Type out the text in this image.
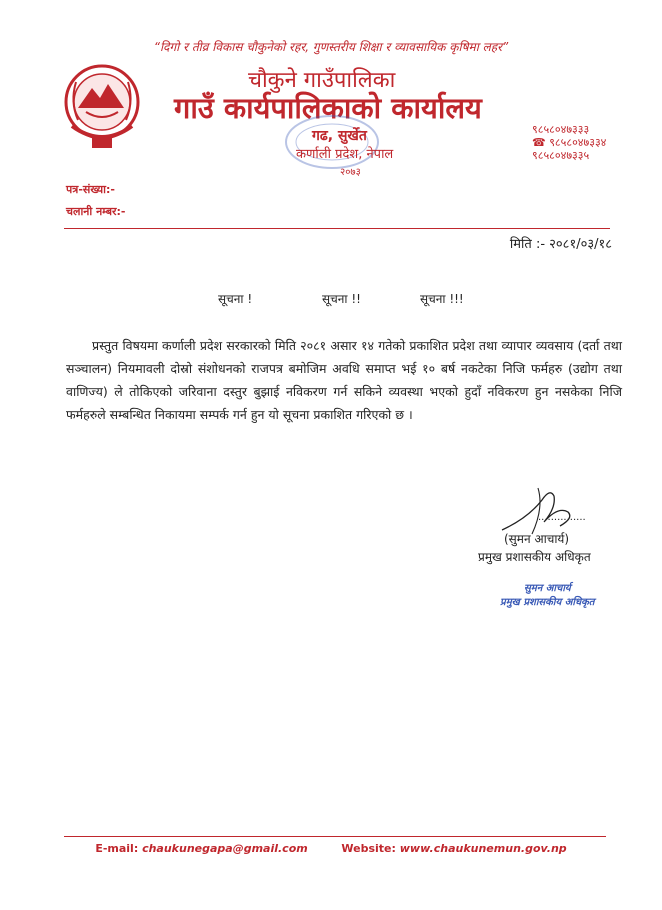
“दिगो र तीव्र विकास चौकुनेको रहर, गुणस्तरीय शिक्षा र व्यावसायिक कृषिमा लहर”
चौकुने गाउँपालिका
गाउँ कार्यपालिकाको कार्यालय
गढ, सुर्खेत
कर्णाली प्रदेश, नेपाल
२०७३
९८५८०४७३३३
☎ ९८५८०४७३३४
९८५८०४७३३५
पत्र-संख्या:-
चलानी नम्बर:-
मिति :- २०८१/०३/१८
सूचना !	सूचना !!	सूचना !!!
प्रस्तुत विषयमा कर्णाली प्रदेश सरकारको मिति २०८१ असार १४ गतेको प्रकाशित प्रदेश तथा व्यापार व्यवसाय (दर्ता तथा सञ्चालन) नियमावली दोस्रो संशोधनको राजपत्र बमोजिम अवधि समाप्त भई १० बर्ष नकटेका निजि फर्महरु (उद्योग तथा वाणिज्य) ले तोकिएको जरिवाना दस्तुर बुझाई नविकरण गर्न सकिने व्यवस्था भएको हुदाँ नविकरण हुन नसकेका निजि फर्महरुले सम्बन्धित निकायमा सम्पर्क गर्न हुन यो सूचना प्रकाशित गरिएको छ ।
...............
(सुमन आचार्य)
प्रमुख प्रशासकीय अधिकृत
सुमन आचार्य
प्रमुख प्रशासकीय अधिकृत
E-mail: chaukunegapa@gmail.com	Website: www.chaukunemun.gov.np
